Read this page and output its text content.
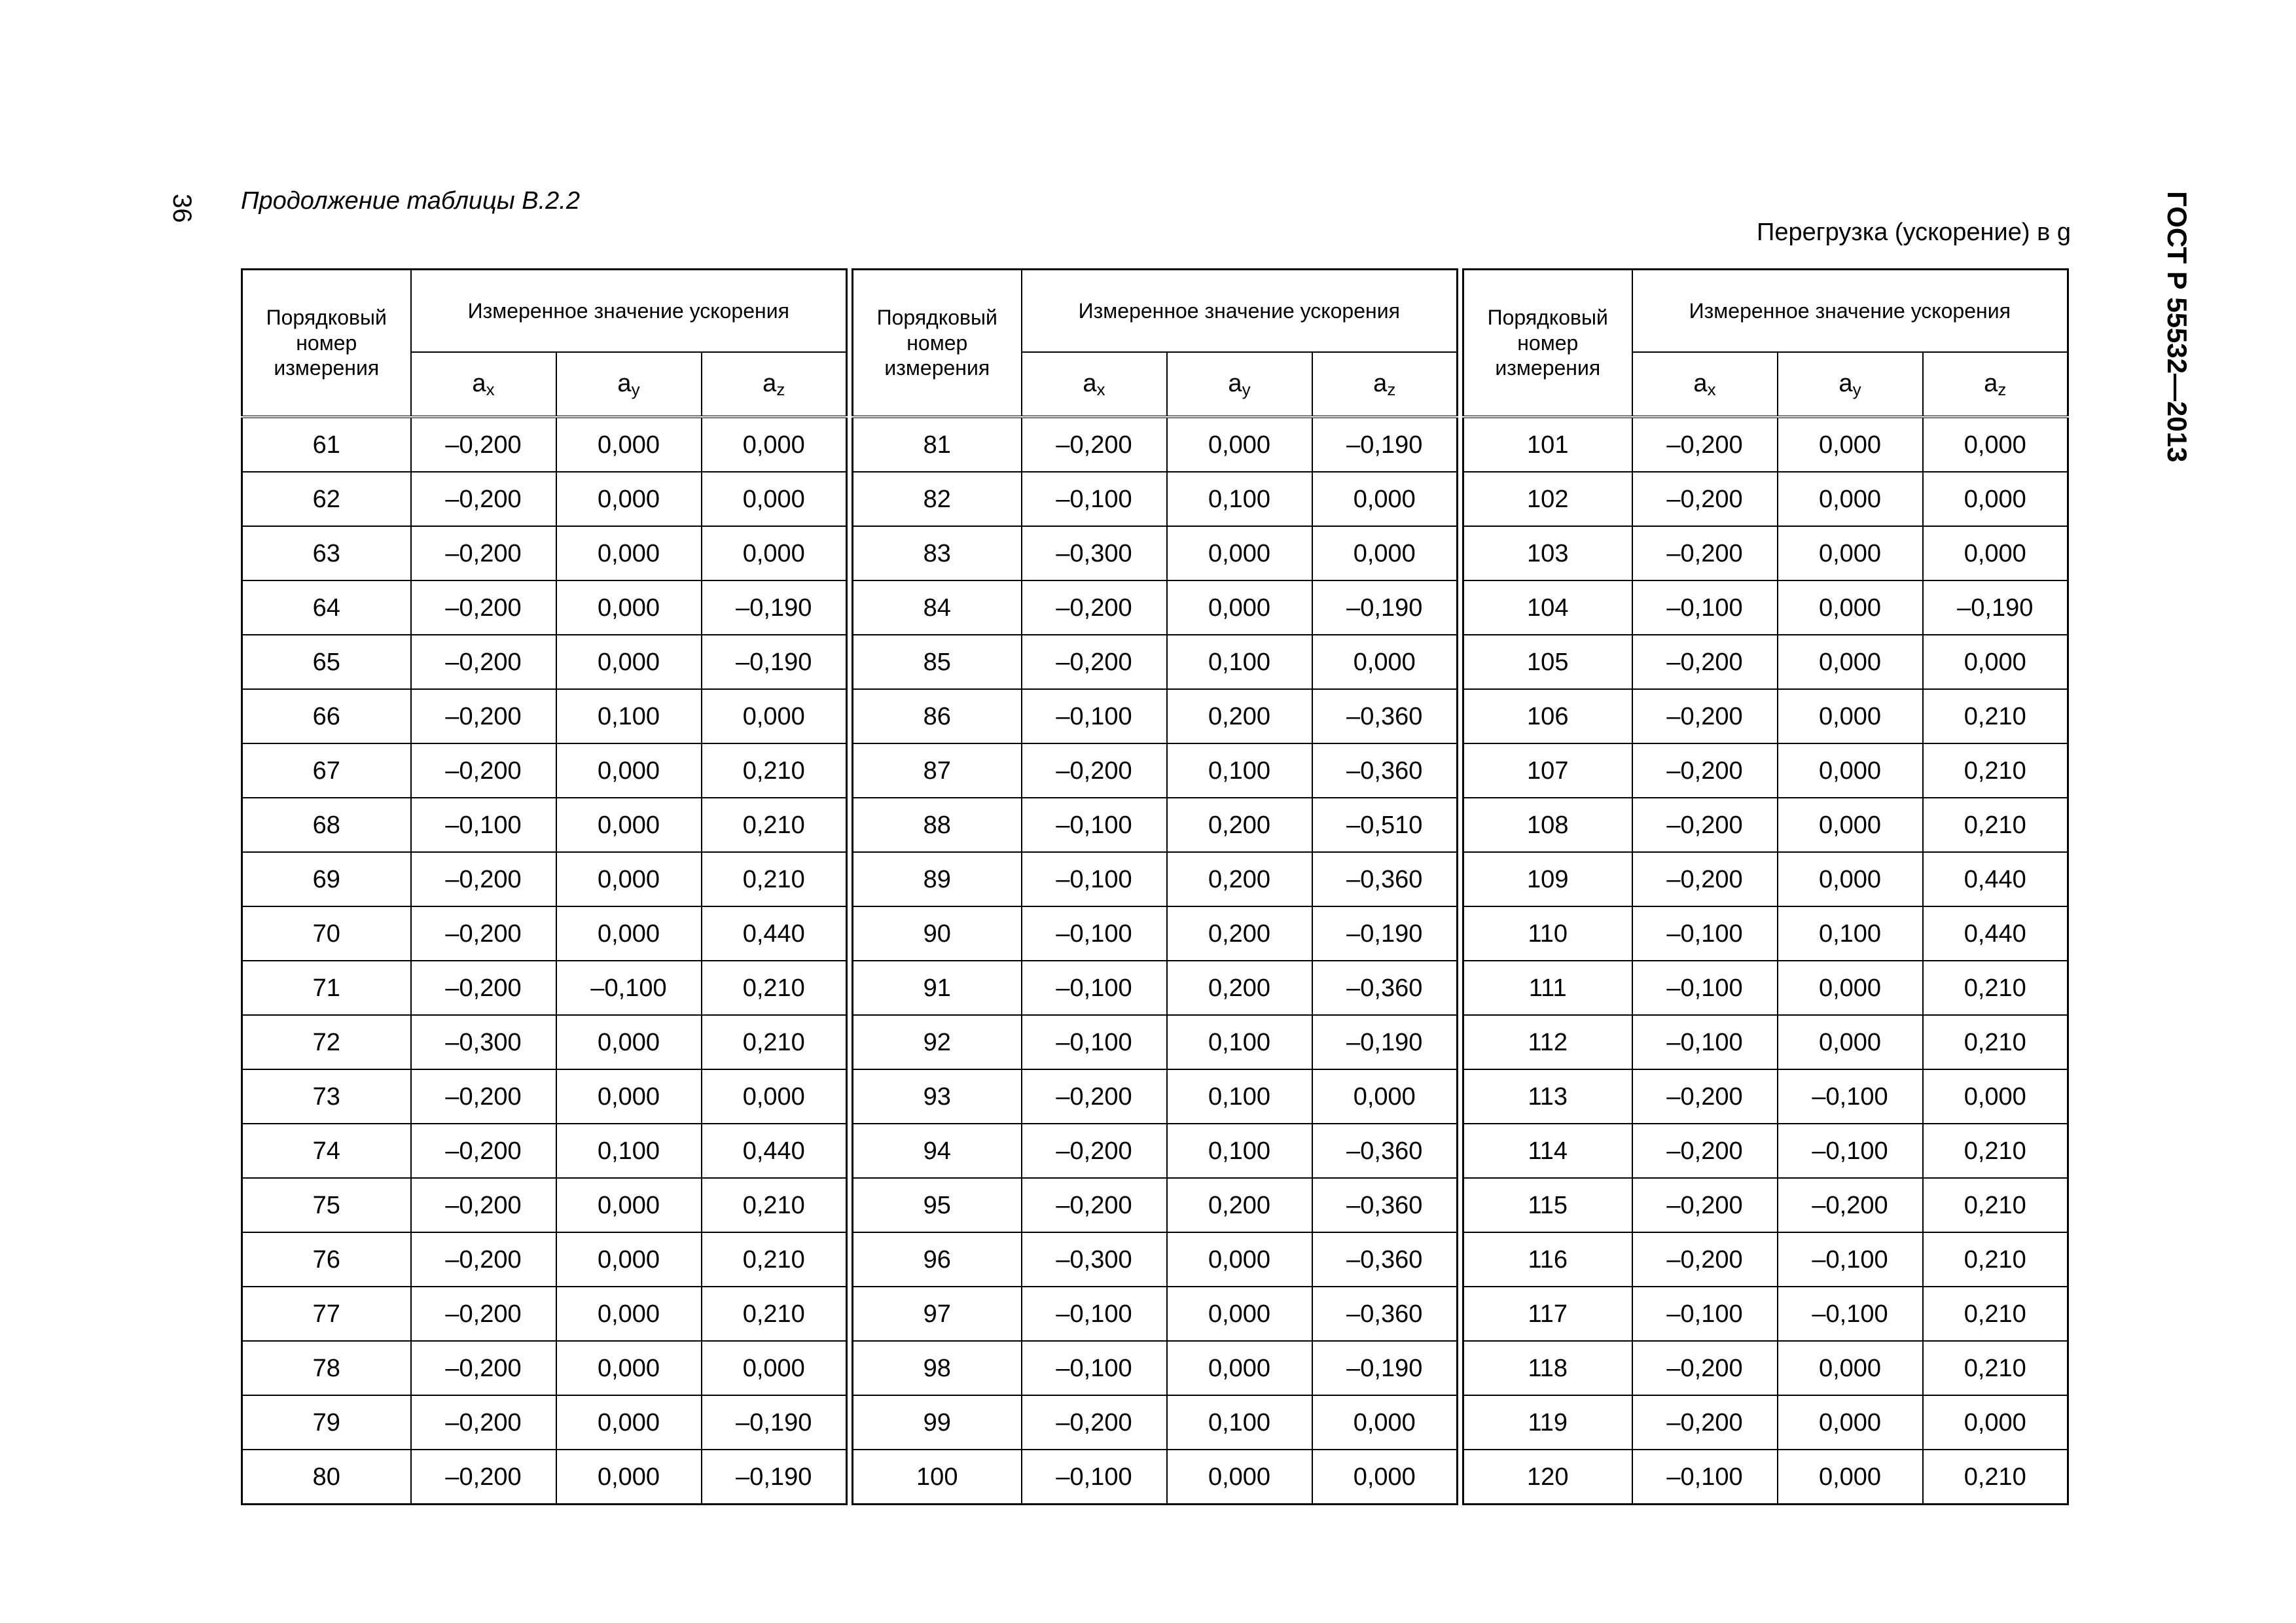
36 Продолжение таблицы В.2.2
Перегрузка (ускорение) в g	ГОСТ Р 55532—2013
Порядковый номер измерения	Измеренное значение ускорения		
	$a_x$	$a_y$	$a_z$
61	–0,200	0,000	0,000
62	–0,200	0,000	0,000
63	–0,200	0,000	0,000
64	–0,200	0,000	–0,190
65	–0,200	0,000	–0,190
66	–0,200	0,100	0,000
67	–0,200	0,000	0,210
68	–0,100	0,000	0,210
69	–0,200	0,000	0,210
70	–0,200	0,000	0,440
71	–0,200	–0,100	0,210
72	–0,300	0,000	0,210
73	–0,200	0,000	0,000
74	–0,200	0,100	0,440
75	–0,200	0,000	0,210
76	–0,200	0,000	0,210
77	–0,200	0,000	0,210
78	–0,200	0,000	0,000
79	–0,200	0,000	–0,190
80	–0,200	0,000	–0,190
Порядковый номер измерения	Измеренное значение ускорения		
	$a_x$	$a_y$	$a_z$
81	–0,200	0,000	–0,190
82	–0,100	0,100	0,000
83	–0,300	0,000	0,000
84	–0,200	0,000	–0,190
85	–0,200	0,100	0,000
86	–0,100	0,200	–0,360
87	–0,200	0,100	–0,360
88	–0,100	0,200	–0,510
89	–0,100	0,200	–0,360
90	–0,100	0,200	–0,190
91	–0,100	0,200	–0,360
92	–0,100	0,100	–0,190
93	–0,200	0,100	0,000
94	–0,200	0,100	–0,360
95	–0,200	0,200	–0,360
96	–0,300	0,000	–0,360
97	–0,100	0,000	–0,360
98	–0,100	0,000	–0,190
99	–0,200	0,100	0,000
100	–0,100	0,000	0,000
Порядковый номер измерения	Измеренное значение ускорения		
	$a_x$	$a_y$	$a_z$
101	–0,200	0,000	0,000
102	–0,200	0,000	0,000
103	–0,200	0,000	0,000
104	–0,100	0,000	–0,190
105	–0,200	0,000	0,000
106	–0,200	0,000	0,210
107	–0,200	0,000	0,210
108	–0,200	0,000	0,210
109	–0,200	0,000	0,440
110	–0,100	0,100	0,440
111	–0,100	0,000	0,210
112	–0,100	0,000	0,210
113	–0,200	–0,100	0,000
114	–0,200	–0,100	0,210
115	–0,200	–0,200	0,210
116	–0,200	–0,100	0,210
117	–0,100	–0,100	0,210
118	–0,200	0,000	0,210
119	–0,200	0,000	0,000
120	–0,100	0,000	0,210
